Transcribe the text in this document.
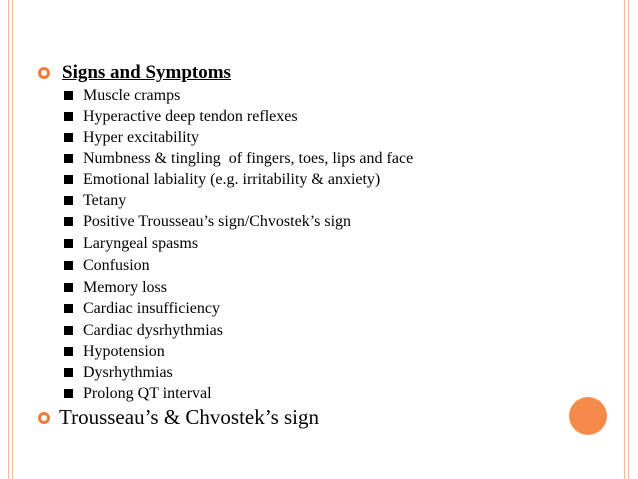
Signs and Symptoms
Muscle cramps
Hyperactive deep tendon reflexes
Hyper excitability
Numbness & tingling  of fingers, toes, lips and face
Emotional labiality (e.g. irritability & anxiety)
Tetany
Positive Trousseau’s sign/Chvostek’s sign
Laryngeal spasms
Confusion
Memory loss
Cardiac insufficiency
Cardiac dysrhythmias
Hypotension
Dysrhythmias
Prolong QT interval
Trousseau’s & Chvostek’s sign
